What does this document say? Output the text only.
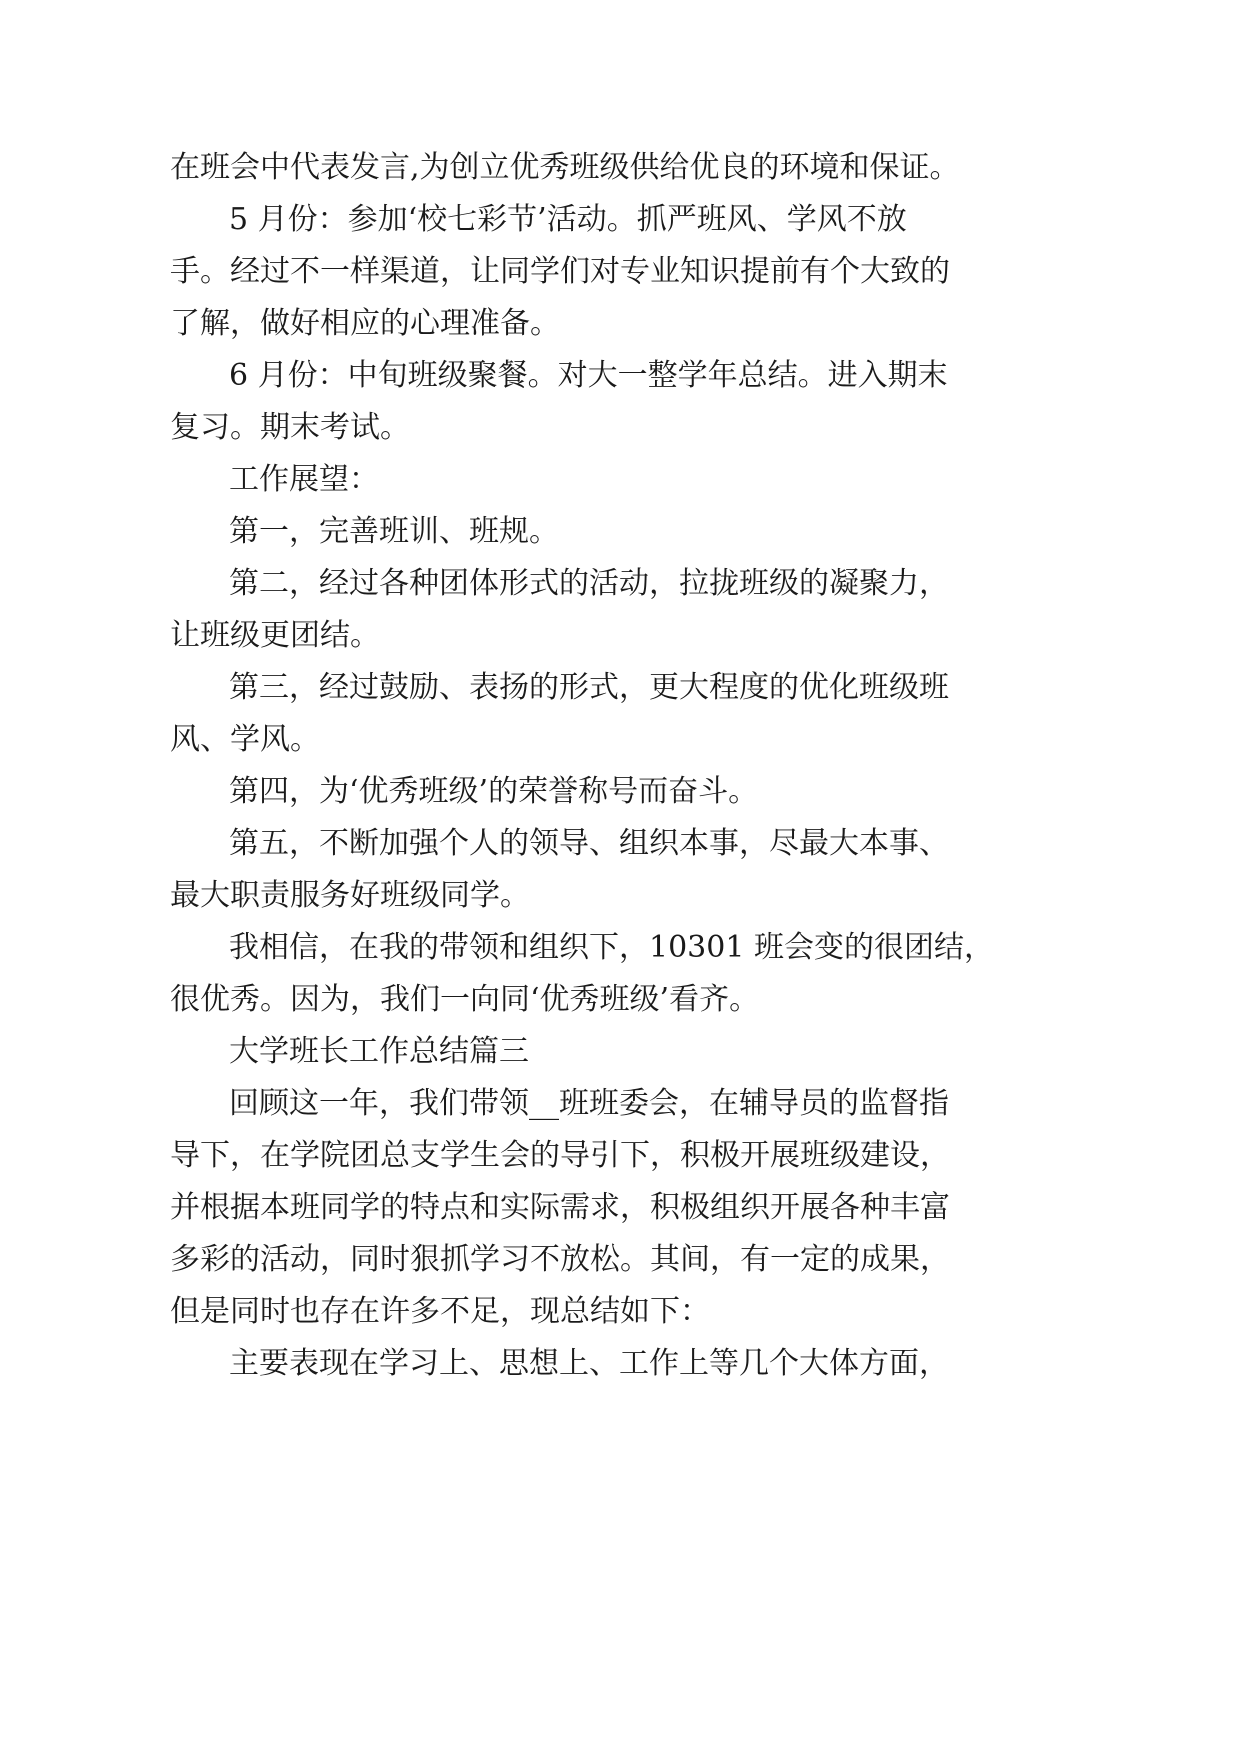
在班会中代表发言,为创立优秀班级供给优良的环境和保证。

5 月份：参加‘校七彩节’活动。抓严班风、学风不放

手。经过不一样渠道，让同学们对专业知识提前有个大致的

了解，做好相应的心理准备。

6 月份：中旬班级聚餐。对大一整学年总结。进入期末

复习。期末考试。

工作展望：

第一，完善班训、班规。

第二，经过各种团体形式的活动，拉拢班级的凝聚力，

让班级更团结。

第三，经过鼓励、表扬的形式，更大程度的优化班级班

风、学风。

第四，为‘优秀班级’的荣誉称号而奋斗。

第五，不断加强个人的领导、组织本事，尽最大本事、

最大职责服务好班级同学。

我相信，在我的带领和组织下，10301 班会变的很团结，

很优秀。因为，我们一向同‘优秀班级’看齐。

大学班长工作总结篇三

回顾这一年，我们带领__班班委会，在辅导员的监督指

导下，在学院团总支学生会的导引下，积极开展班级建设，

并根据本班同学的特点和实际需求，积极组织开展各种丰富

多彩的活动，同时狠抓学习不放松。其间，有一定的成果，

但是同时也存在许多不足，现总结如下：

主要表现在学习上、思想上、工作上等几个大体方面，
